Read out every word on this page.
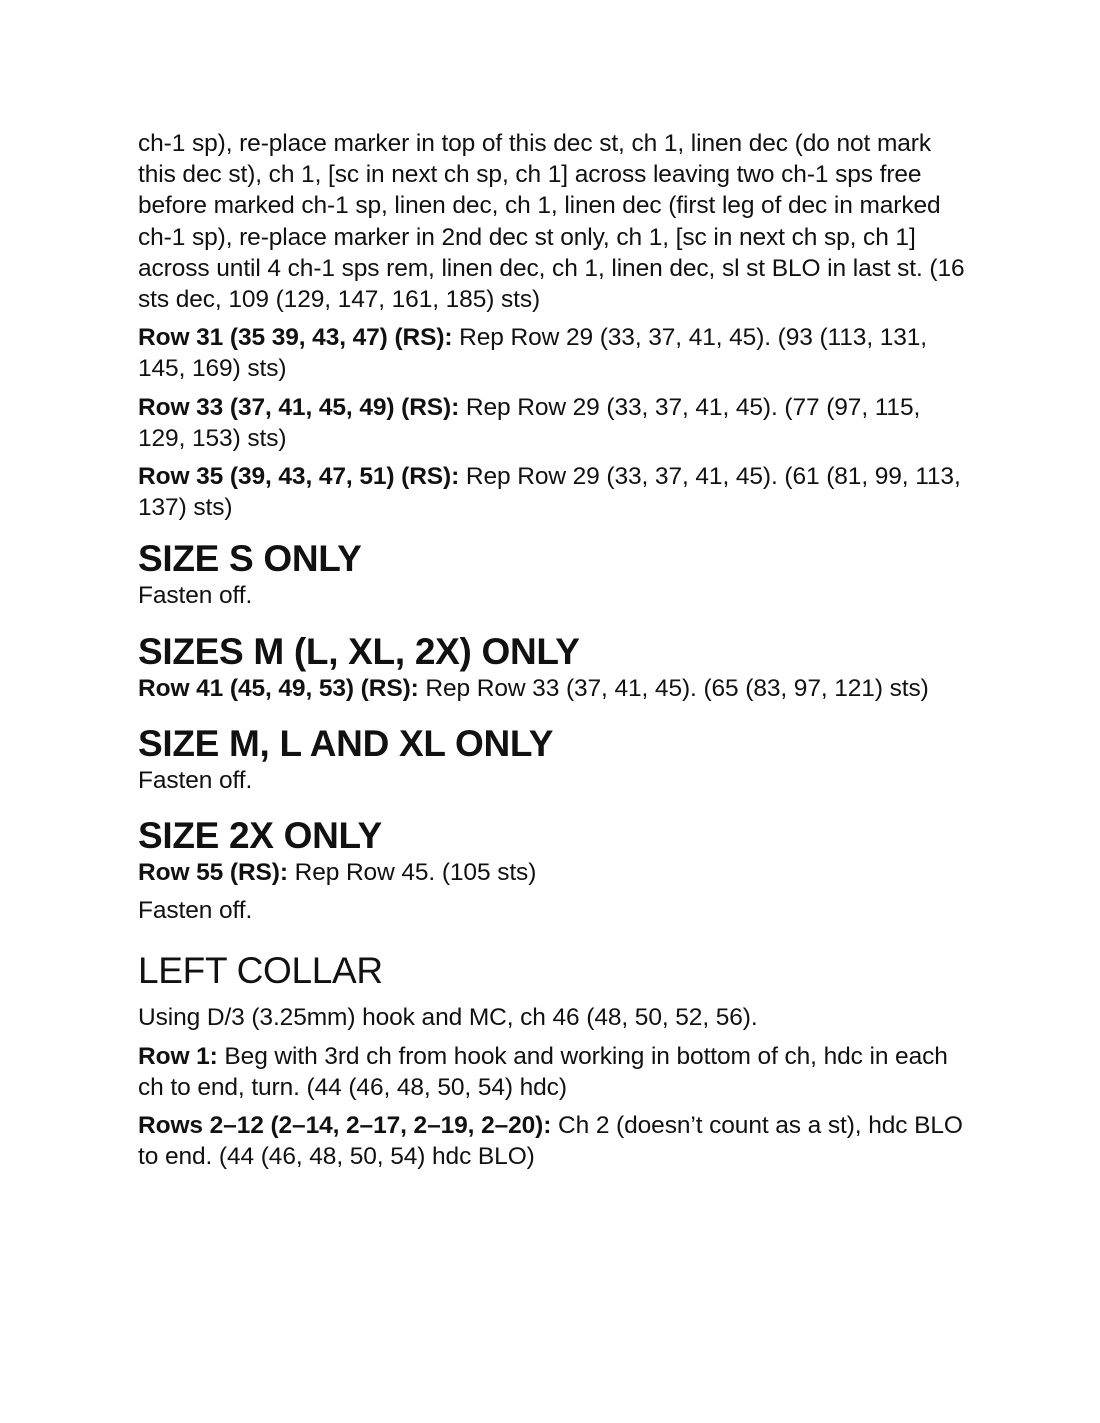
ch-1 sp), re-place marker in top of this dec st, ch 1, linen dec (do not mark this dec st), ch 1, [sc in next ch sp, ch 1] across leaving two ch-1 sps free before marked ch-1 sp, linen dec, ch 1, linen dec (first leg of dec in marked ch-1 sp), re-place marker in 2nd dec st only, ch 1, [sc in next ch sp, ch 1] across until 4 ch-1 sps rem, linen dec, ch 1, linen dec, sl st BLO in last st. (16 sts dec, 109 (129, 147, 161, 185) sts)

Row 31 (35 39, 43, 47) (RS): Rep Row 29 (33, 37, 41, 45). (93 (113, 131, 145, 169) sts)

Row 33 (37, 41, 45, 49) (RS): Rep Row 29 (33, 37, 41, 45). (77 (97, 115, 129, 153) sts)

Row 35 (39, 43, 47, 51) (RS): Rep Row 29 (33, 37, 41, 45). (61 (81, 99, 113, 137) sts)

SIZE S ONLY

Fasten off.

SIZES M (L, XL, 2X) ONLY

Row 41 (45, 49, 53) (RS): Rep Row 33 (37, 41, 45). (65 (83, 97, 121) sts)

SIZE M, L AND XL ONLY

Fasten off.

SIZE 2X ONLY

Row 55 (RS): Rep Row 45. (105 sts)

Fasten off.

LEFT COLLAR

Using D/3 (3.25mm) hook and MC, ch 46 (48, 50, 52, 56).

Row 1: Beg with 3rd ch from hook and working in bottom of ch, hdc in each ch to end, turn. (44 (46, 48, 50, 54) hdc)

Rows 2–12 (2–14, 2–17, 2–19, 2–20): Ch 2 (doesn’t count as a st), hdc BLO to end. (44 (46, 48, 50, 54) hdc BLO)
